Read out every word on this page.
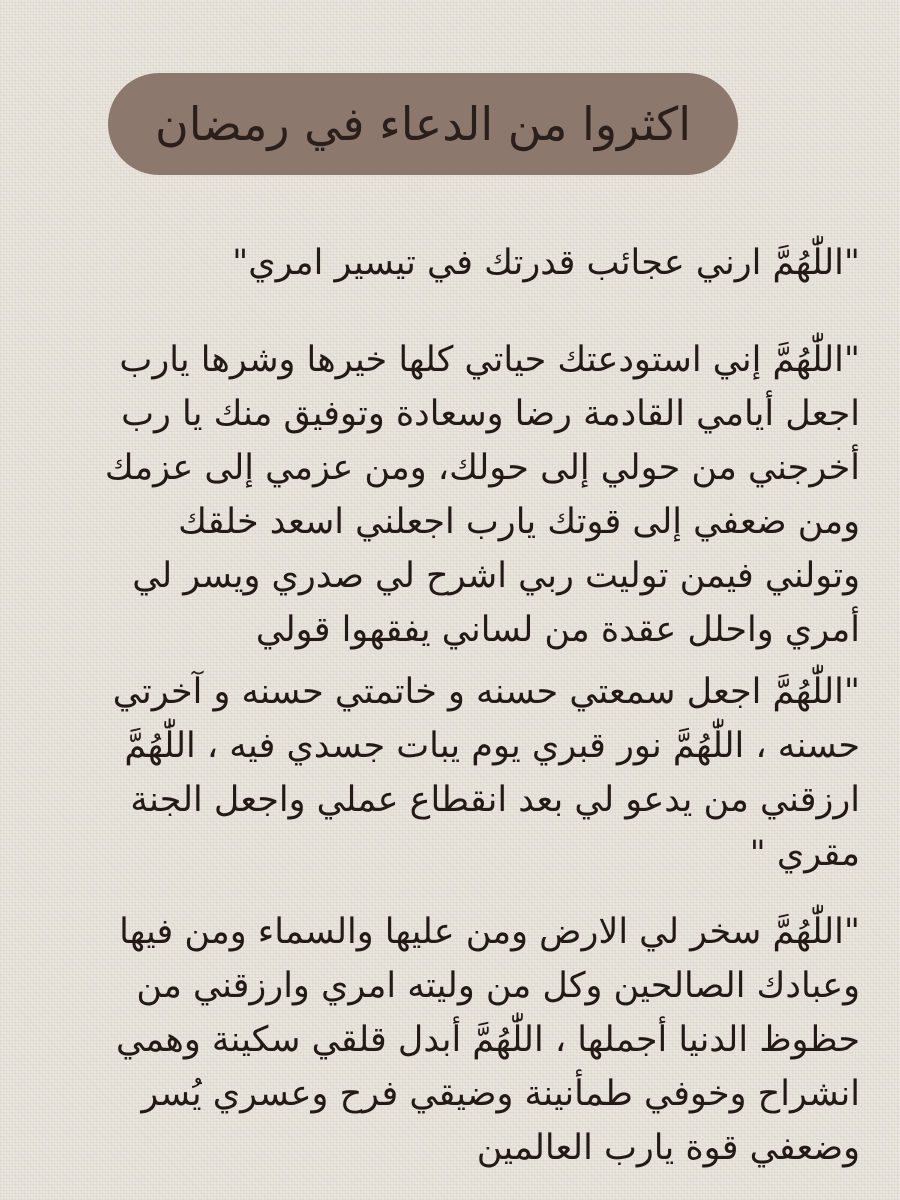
اكثروا من الدعاء في رمضان
"اللّٰهُمَّ ارني عجائب قدرتك في تيسير امري"
"اللّٰهُمَّ إني استودعتك حياتي كلها خيرها وشرها يارب
اجعل أيامي القادمة رضا وسعادة وتوفيق منك يا رب
أخرجني من حولي إلى حولك، ومن عزمي إلى عزمك
ومن ضعفي إلى قوتك يارب اجعلني اسعد خلقك
وتولني فيمن توليت ربي اشرح لي صدري ويسر لي
أمري واحلل عقدة من لساني يفقهوا قولي
"اللّٰهُمَّ اجعل سمعتي حسنه و خاتمتي حسنه و آخرتي
حسنه ، اللّٰهُمَّ نور قبري يوم يبات جسدي فيه ، اللّٰهُمَّ
ارزقني من يدعو لي بعد انقطاع عملي واجعل الجنة
مقري "
"اللّٰهُمَّ سخر لي الارض ومن عليها والسماء ومن فيها
وعبادك الصالحين وكل من وليته امري وارزقني من
حظوظ الدنيا أجملها ، اللّٰهُمَّ أبدل قلقي سكينة وهمي
انشراح وخوفي طمأنينة وضيقي فرح وعسري يُسر
وضعفي قوة يارب العالمين
